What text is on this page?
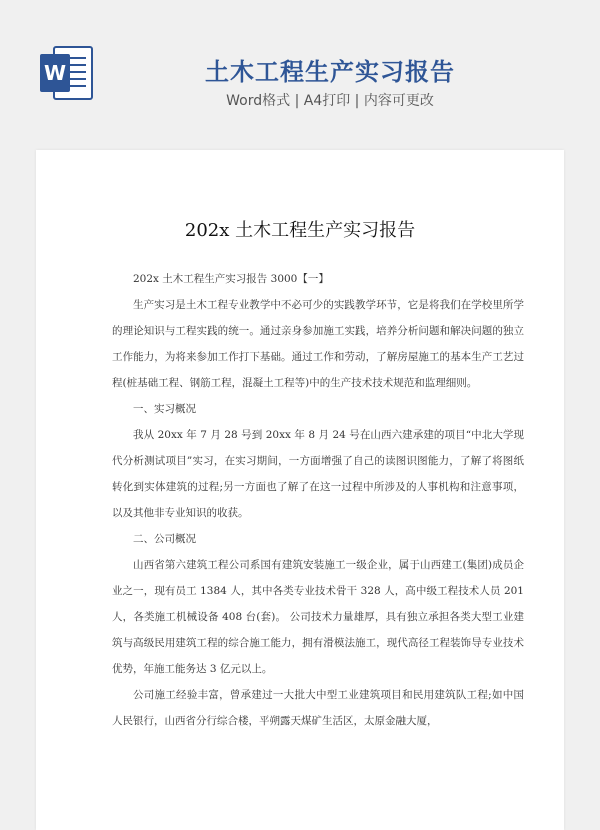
W	土木工程生产实习报告
Word格式 | A4打印 | 内容可更改
202x 土木工程生产实习报告

202x 土木工程生产实习报告 3000【一】

生产实习是土木工程专业教学中不必可少的实践教学环节，它是将我们在学校里所学的理论知识与工程实践的统一。通过亲身参加施工实践，培养分析问题和解决问题的独立工作能力，为将来参加工作打下基础。通过工作和劳动，了解房屋施工的基本生产工艺过程(桩基础工程、钢筋工程，混凝土工程等)中的生产技术技术规范和监理细则。

一、实习概况

我从 20xx 年 7 月 28 号到 20xx 年 8 月 24 号在山西六建承建的项目“中北大学现代分析测试项目”实习，在实习期间，一方面增强了自己的读图识图能力，了解了将图纸转化到实体建筑的过程;另一方面也了解了在这一过程中所涉及的人事机构和注意事项，以及其他非专业知识的收获。

二、公司概况

山西省第六建筑工程公司系国有建筑安装施工一级企业，属于山西建工(集团)成员企业之一，现有员工 1384 人，其中各类专业技术骨干 328 人，高中级工程技术人员 201 人，各类施工机械设备 408 台(套)。 公司技术力量雄厚，具有独立承担各类大型工业建筑与高级民用建筑工程的综合施工能力，拥有滑模法施工，现代高径工程装饰导专业技术优势，年施工能务达 3 亿元以上。

公司施工经验丰富，曾承建过一大批大中型工业建筑项目和民用建筑队工程;如中国人民银行，山西省分行综合楼，平朔露天煤矿生活区，太原金融大厦，
